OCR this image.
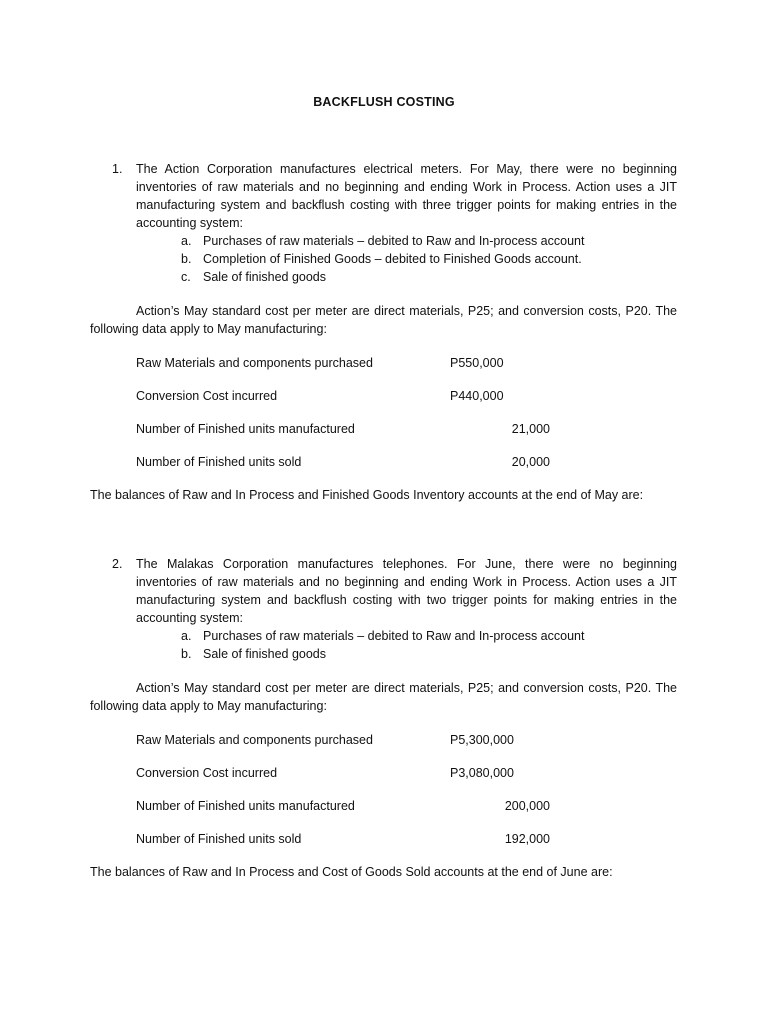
BACKFLUSH COSTING
1.	The Action Corporation manufactures electrical meters. For May, there were no beginning inventories of raw materials and no beginning and ending Work in Process. Action uses a JIT manufacturing system and backflush costing with three trigger points for making entries in the accounting system:
a. Purchases of raw materials – debited to Raw and In-process account
b. Completion of Finished Goods – debited to Finished Goods account.
c. Sale of finished goods
Action’s May standard cost per meter are direct materials, P25; and conversion costs, P20. The following data apply to May manufacturing:
Raw Materials and components purchased	P550,000
Conversion Cost incurred	P440,000
Number of Finished units manufactured	21,000
Number of Finished units sold	20,000
The balances of Raw and In Process and Finished Goods Inventory accounts at the end of May are:
2.	The Malakas Corporation manufactures telephones. For June, there were no beginning inventories of raw materials and no beginning and ending Work in Process. Action uses a JIT manufacturing system and backflush costing with two trigger points for making entries in the accounting system:
a. Purchases of raw materials – debited to Raw and In-process account
b. Sale of finished goods
Action’s May standard cost per meter are direct materials, P25; and conversion costs, P20. The following data apply to May manufacturing:
Raw Materials and components purchased	P5,300,000
Conversion Cost incurred	P3,080,000
Number of Finished units manufactured	200,000
Number of Finished units sold	192,000
The balances of Raw and In Process and Cost of Goods Sold accounts at the end of June are:
